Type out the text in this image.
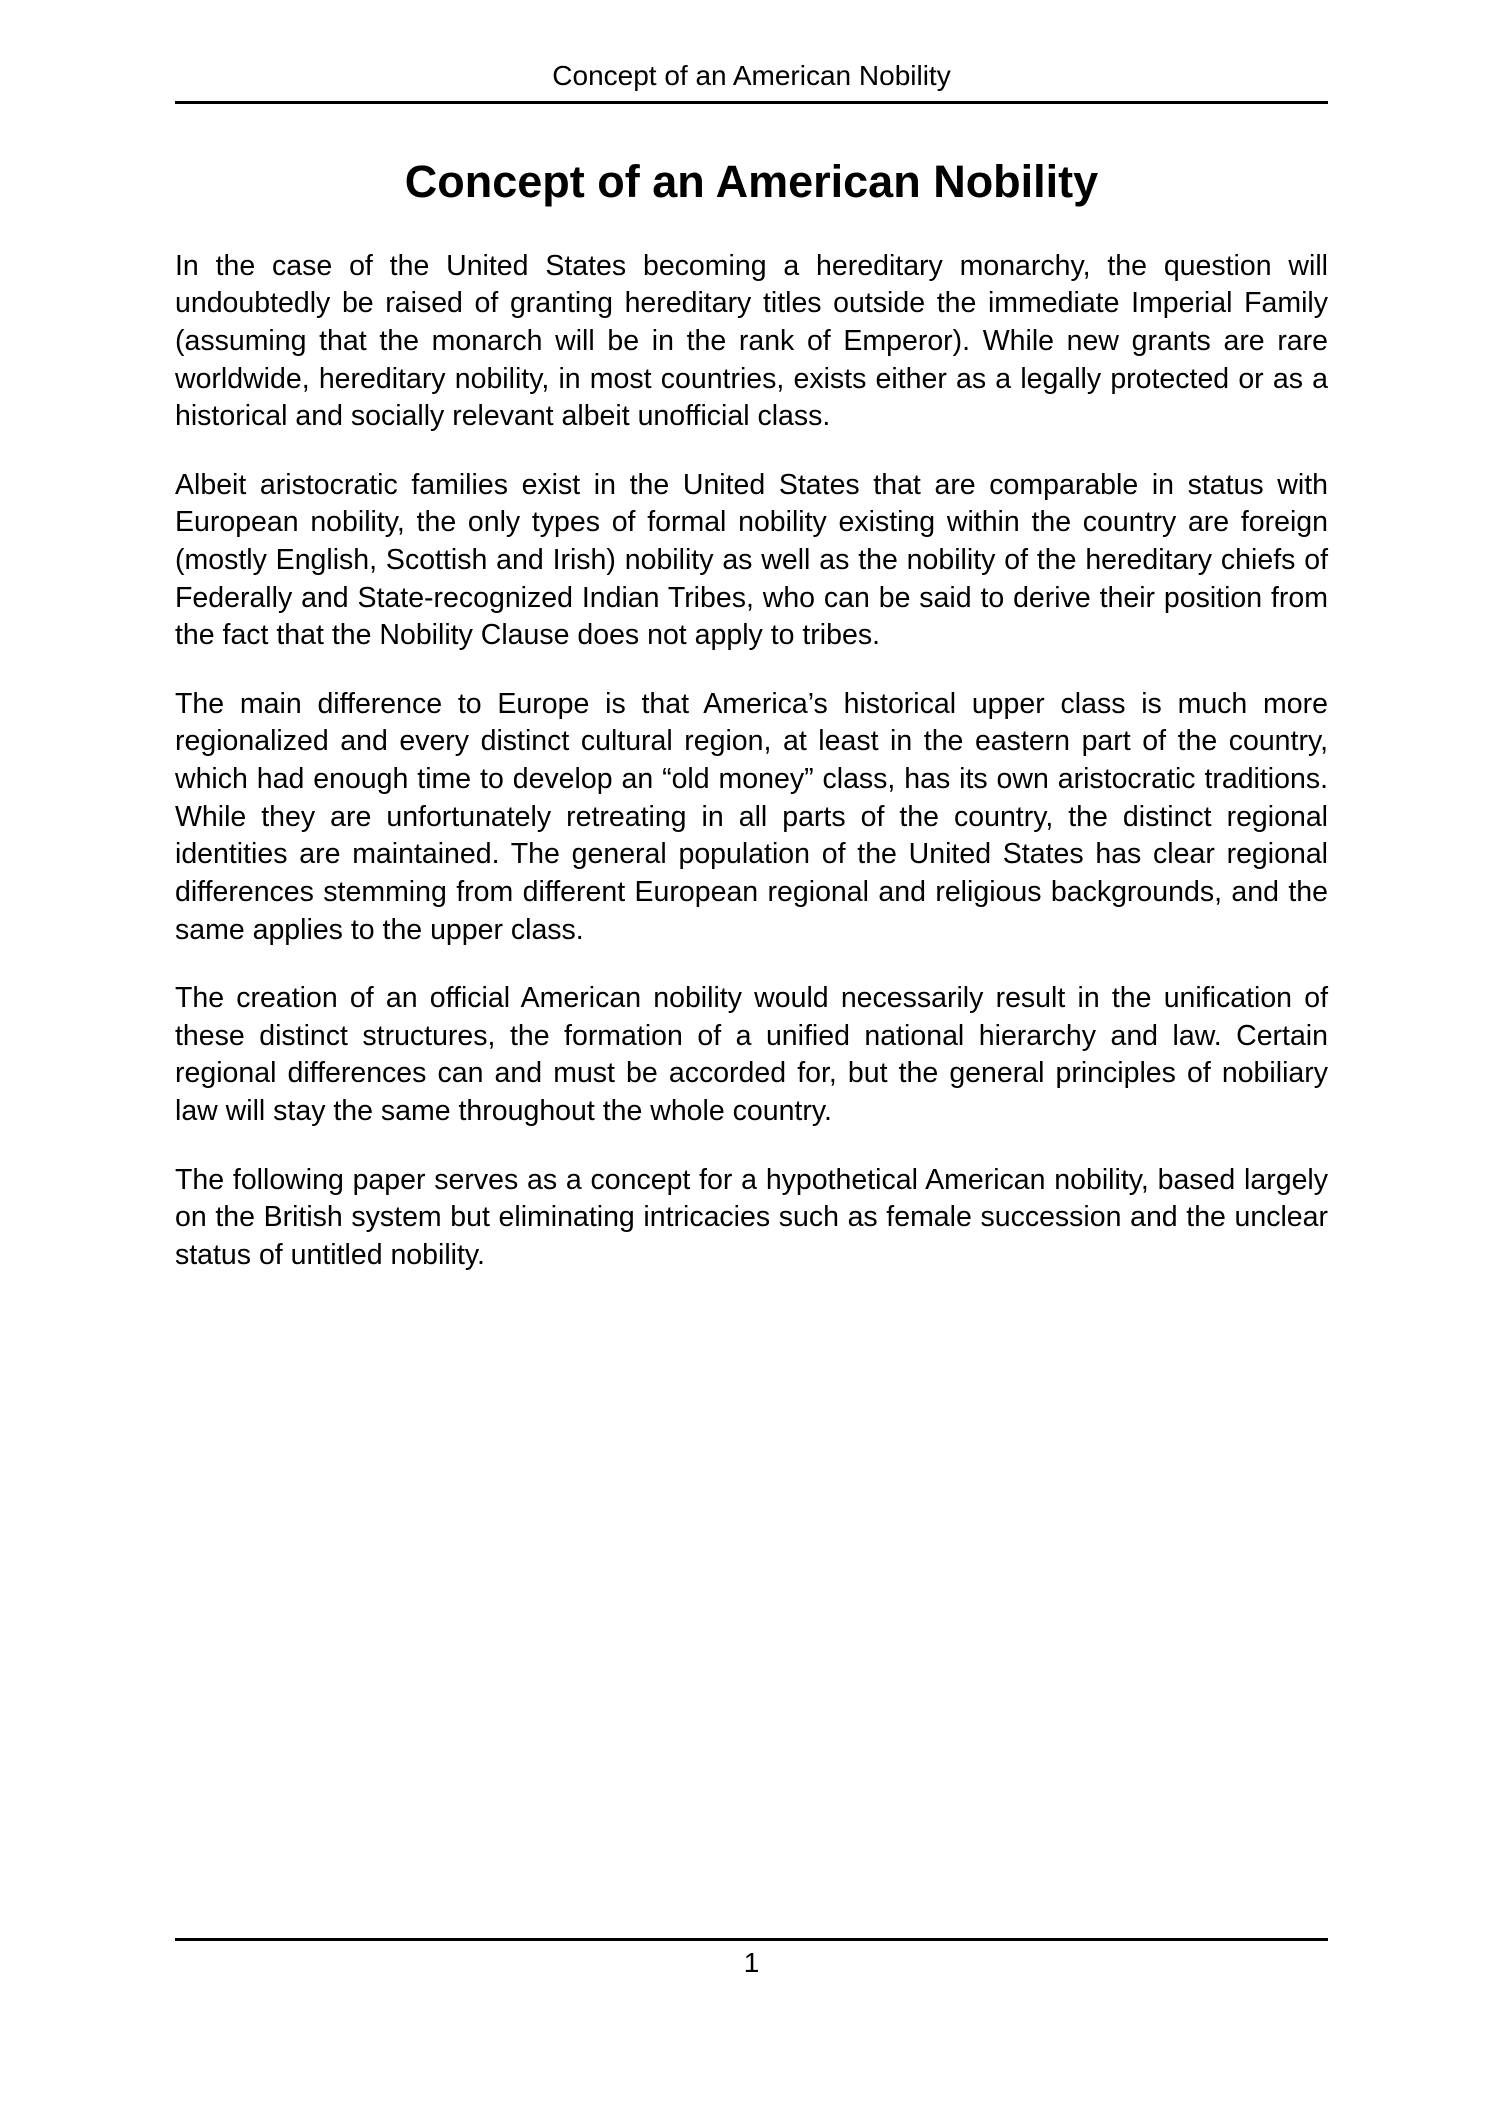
Concept of an American Nobility
Concept of an American Nobility

In the case of the United States becoming a hereditary monarchy, the question will undoubtedly be raised of granting hereditary titles outside the immediate Imperial Family (assuming that the monarch will be in the rank of Emperor). While new grants are rare worldwide, hereditary nobility, in most countries, exists either as a legally protected or as a historical and socially relevant albeit unofficial class.

Albeit aristocratic families exist in the United States that are comparable in status with European nobility, the only types of formal nobility existing within the country are foreign (mostly English, Scottish and Irish) nobility as well as the nobility of the hereditary chiefs of Federally and State-recognized Indian Tribes, who can be said to derive their position from the fact that the Nobility Clause does not apply to tribes.

The main difference to Europe is that America’s historical upper class is much more regionalized and every distinct cultural region, at least in the eastern part of the country, which had enough time to develop an “old money” class, has its own aristocratic traditions. While they are unfortunately retreating in all parts of the country, the distinct regional identities are maintained. The general population of the United States has clear regional differences stemming from different European regional and religious backgrounds, and the same applies to the upper class.

The creation of an official American nobility would necessarily result in the unification of these distinct structures, the formation of a unified national hierarchy and law. Certain regional differences can and must be accorded for, but the general principles of nobiliary law will stay the same throughout the whole country.

The following paper serves as a concept for a hypothetical American nobility, based largely on the British system but eliminating intricacies such as female succession and the unclear status of untitled nobility.

1
